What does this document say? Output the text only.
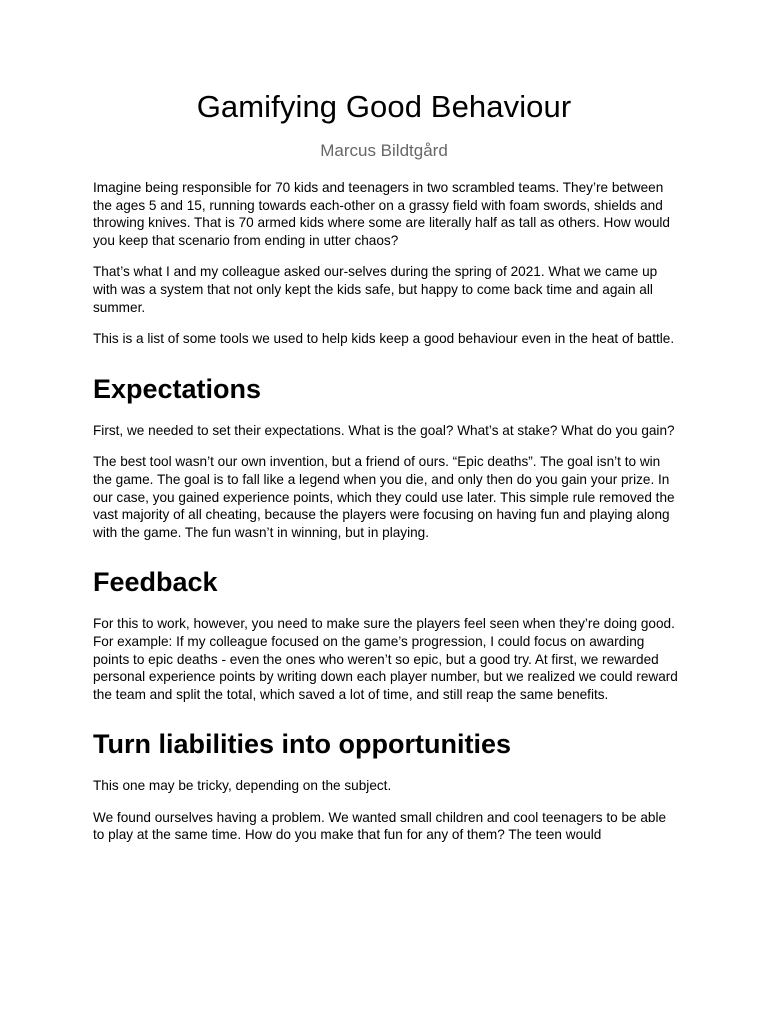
Gamifying Good Behaviour
Marcus Bildtgård

Imagine being responsible for 70 kids and teenagers in two scrambled teams. They’re between the ages 5 and 15, running towards each-other on a grassy field with foam swords, shields and throwing knives. That is 70 armed kids where some are literally half as tall as others. How would you keep that scenario from ending in utter chaos?

That’s what I and my colleague asked our-selves during the spring of 2021. What we came up with was a system that not only kept the kids safe, but happy to come back time and again all summer.

This is a list of some tools we used to help kids keep a good behaviour even in the heat of battle.

Expectations

First, we needed to set their expectations. What is the goal? What’s at stake? What do you gain?

The best tool wasn’t our own invention, but a friend of ours. “Epic deaths”. The goal isn’t to win the game. The goal is to fall like a legend when you die, and only then do you gain your prize. In our case, you gained experience points, which they could use later. This simple rule removed the vast majority of all cheating, because the players were focusing on having fun and playing along with the game. The fun wasn’t in winning, but in playing.

Feedback

For this to work, however, you need to make sure the players feel seen when they’re doing good. For example: If my colleague focused on the game’s progression, I could focus on awarding points to epic deaths - even the ones who weren’t so epic, but a good try. At first, we rewarded personal experience points by writing down each player number, but we realized we could reward the team and split the total, which saved a lot of time, and still reap the same benefits.

Turn liabilities into opportunities

This one may be tricky, depending on the subject.

We found ourselves having a problem. We wanted small children and cool teenagers to be able to play at the same time. How do you make that fun for any of them? The teen would
